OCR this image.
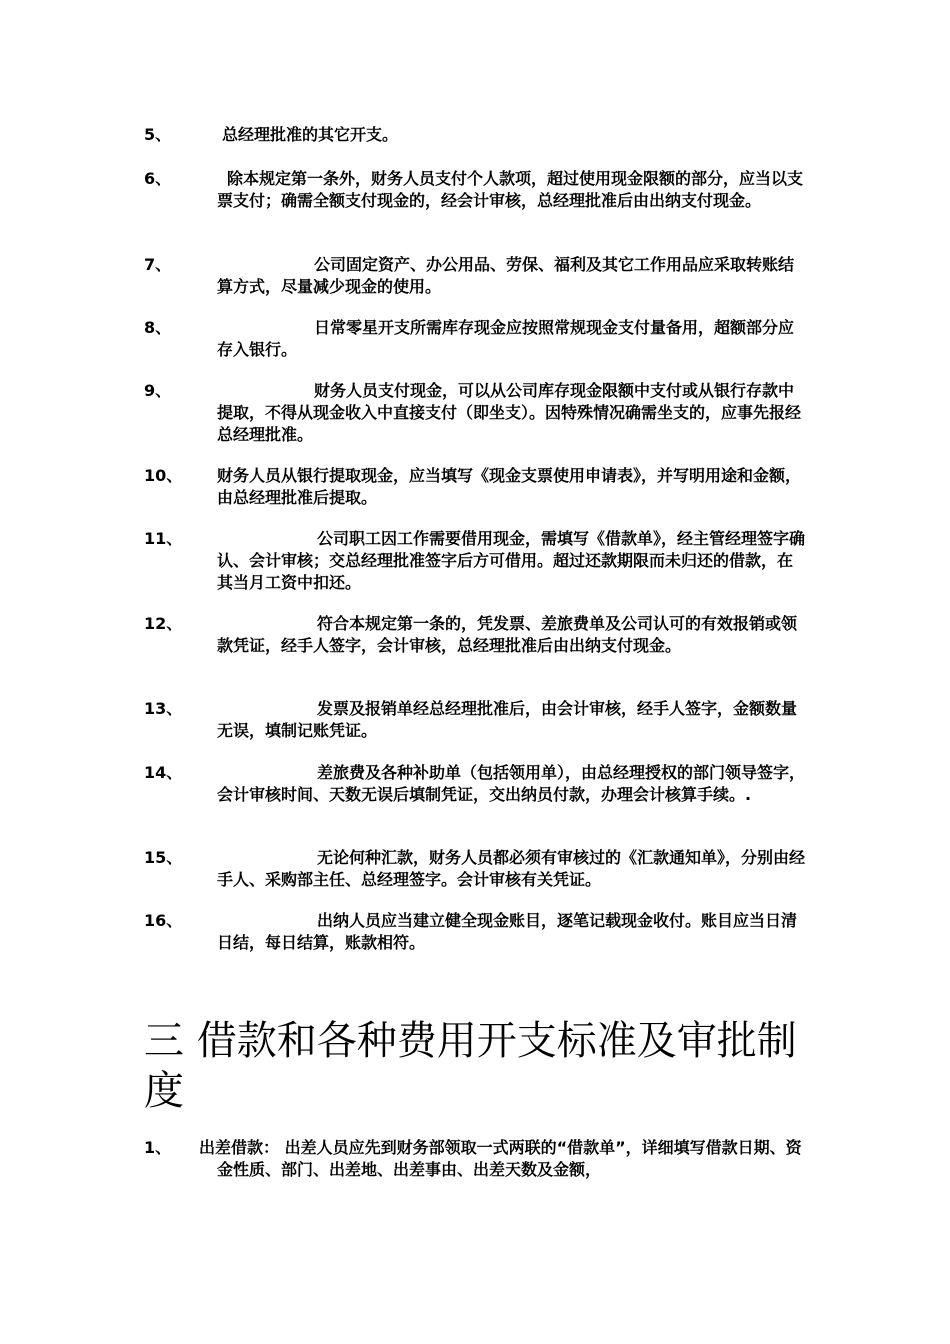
5、	总经理批准的其它开支。
6、	除本规定第一条外，财务人员支付个人款项，超过使用现金限额的部分，应当以支票支付；确需全额支付现金的，经会计审核，总经理批准后由出纳支付现金。
7、	公司固定资产、办公用品、劳保、福利及其它工作用品应采取转账结算方式，尽量减少现金的使用。
8、	日常零星开支所需库存现金应按照常规现金支付量备用，超额部分应存入银行。
9、	财务人员支付现金，可以从公司库存现金限额中支付或从银行存款中提取，不得从现金收入中直接支付（即坐支）。因特殊情况确需坐支的，应事先报经总经理批准。
10、	财务人员从银行提取现金，应当填写《现金支票使用申请表》，并写明用途和金额，由总经理批准后提取。
11、	公司职工因工作需要借用现金，需填写《借款单》，经主管经理签字确认、会计审核；交总经理批准签字后方可借用。超过还款期限而未归还的借款，在其当月工资中扣还。
12、	符合本规定第一条的，凭发票、差旅费单及公司认可的有效报销或领款凭证，经手人签字，会计审核，总经理批准后由出纳支付现金。
13、	发票及报销单经总经理批准后，由会计审核，经手人签字，金额数量无误，填制记账凭证。
14、	差旅费及各种补助单（包括领用单），由总经理授权的部门领导签字，会计审核时间、天数无误后填制凭证，交出纳员付款，办理会计核算手续。.
15、	无论何种汇款，财务人员都必须有审核过的《汇款通知单》，分别由经手人、采购部主任、总经理签字。会计审核有关凭证。
16、	出纳人员应当建立健全现金账目，逐笔记载现金收付。账目应当日清日结，每日结算，账款相符。
三 借款和各种费用开支标准及审批制度
1、	出差借款： 出差人员应先到财务部领取一式两联的“借款单”，详细填写借款日期、资金性质、部门、出差地、出差事由、出差天数及金额，
